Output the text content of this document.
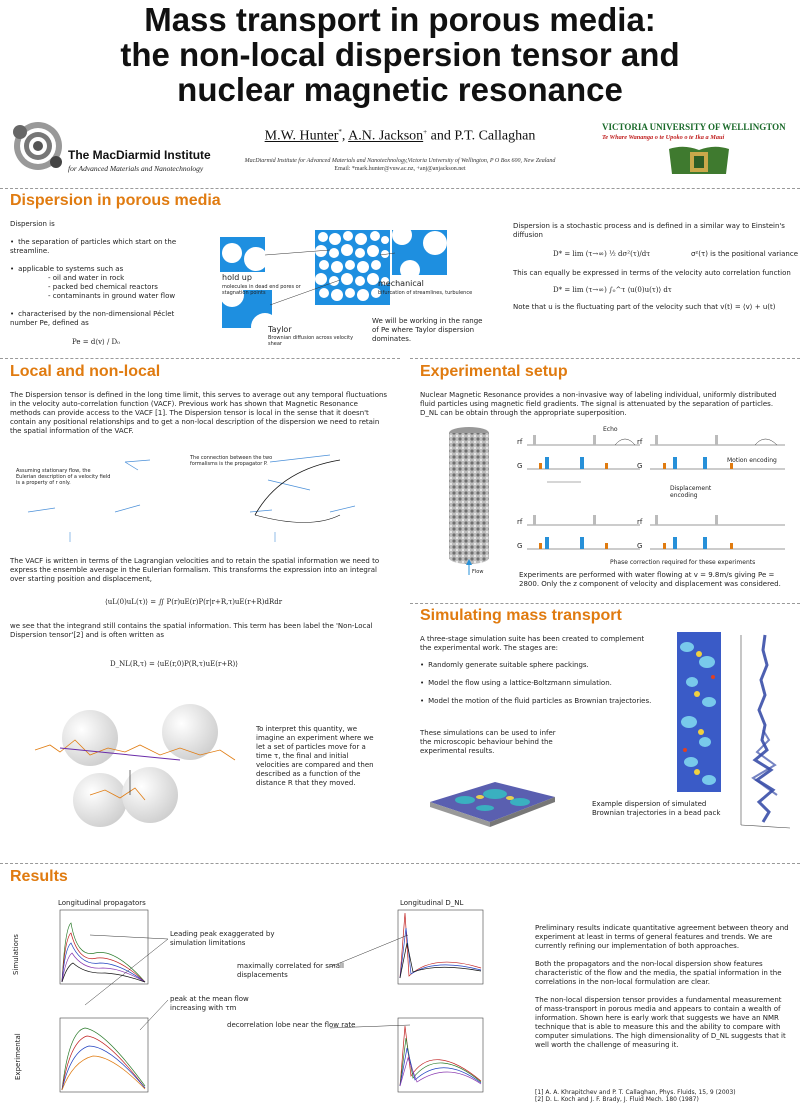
Mass transport in porous media:
the non-local dispersion tensor and
nuclear magnetic resonance
The MacDiarmid Institute
for Advanced Materials and Nanotechnology
M.W. Hunter*, A.N. Jackson+ and P.T. Callaghan
MacDiarmid Institute for Advanced Materials and Nanotechnology,Victoria University of Wellington, P O Box 600, New Zealand
Email: *mark.hunter@vuw.ac.nz, +anj@anjackson.net
VICTORIA UNIVERSITY OF WELLINGTON
Te Whare Wananga o te Upoko o te Ika a Maui
Dispersion in porous media
Dispersion is
• the separation of particles which start on the streamline.
• applicable to systems such as
- oil and water in rock
- packed bed chemical reactors
- contaminants in ground water flow
• characterised by the non-dimensional Péclet number Pe, defined as
Pe = d⟨v⟩ / D₀
hold up
molecules in dead end pores or stagnation points
Taylor
Brownian diffusion across velocity shear
mechanical
bifurcation of streamlines, turbulence
We will be working in the range of Pe where Taylor dispersion dominates.
Dispersion is a stochastic process and is defined in a similar way to Einstein's diffusion
D* = lim (τ→∞) ½ dσ²(τ)/dτ	σ²(τ) is the positional variance
This can equally be expressed in terms of the velocity auto correlation function
D* = lim (τ→∞) ∫₀^τ ⟨u(0)u(τ)⟩ dτ
Note that u is the fluctuating part of the velocity such that v(t) = ⟨v⟩ + u(t)
Local and non-local
The Dispersion tensor is defined in the long time limit, this serves to average out any temporal fluctuations in the velocity auto-correlation function (VACF). Previous work has shown that Magnetic Resonance methods can provide access to the VACF [1]. The Dispersion tensor is local in the sense that it doesn't contain any positional relationships and to get a non-local description of the dispersion we need to retain the spatial information of the VACF.
Assuming stationary flow, the Eulerian description of a velocity field is a property of r only.
The connection between the two formalisms is the propagator P.
The VACF is written in terms of the Lagrangian velocities and to retain the spatial information we need to express the ensemble average in the Eulerian formalism. This transforms the expression into an integral over starting position and displacement,
⟨uL(0)uL(τ)⟩ = ∬ P(r)uE(r)P(r|r+R,τ)uE(r+R)dRdr
we see that the integrand still contains the spatial information. This term has been label the 'Non-Local Dispersion tensor'[2] and is often written as
D_NL(R,τ) = ⟨uE(r,0)P(R,τ)uE(r+R)⟩
To interpret this quantity, we imagine an experiment where we let a set of particles move for a time τ, the final and initial velocities are compared and then described as a function of the distance R that they moved.
Experimental setup
Nuclear Magnetic Resonance provides a non-invasive way of labeling individual, uniformly distributed fluid particles using magnetic field gradients. The signal is attenuated by the separation of particles. D_NL can be obtain through the appropriate superposition.
Flow
Echo
rf
G
rf
G
rf
G
rf
G
Motion encoding
Displacement encoding
Phase correction required for these experiments
Experiments are performed with water flowing at v = 9.8m/s giving Pe = 2800. Only the z component of velocity and displacement was considered.
Simulating mass transport
A three-stage simulation suite has been created to complement the experimental work. The stages are:
• Randomly generate suitable sphere packings.
• Model the flow using a lattice-Boltzmann simulation.
• Model the motion of the fluid particles as Brownian trajectories.
These simulations can be used to infer the microscopic behaviour behind the experimental results.
Example dispersion of simulated Brownian trajectories in a bead pack
Results
Longitudinal propagators	Longitudinal D_NL
Simulations
Experimental
Leading peak exaggerated by simulation limitations
maximally correlated for small displacements
peak at the mean flow increasing with τm
decorrelation lobe near the flow rate
Preliminary results indicate quantitative agreement between theory and experiment at least in terms of general features and trends. We are currently refining our implementation of both approaches.
Both the propagators and the non-local dispersion show features characteristic of the flow and the media, the spatial information in the correlations in the non-local formulation are clear.
The non-local dispersion tensor provides a fundamental measurement of mass-transport in porous media and appears to contain a wealth of information. Shown here is early work that suggests we have an NMR technique that is able to measure this and the ability to compare with computer simulations. The high dimensionality of D_NL suggests that it well worth the challenge of measuring it.
[1] A. A. Khrapitchev and P. T. Callaghan, Phys. Fluids, 15, 9 (2003)
[2] D. L. Koch and J. F. Brady, J. Fluid Mech. 180 (1987)
